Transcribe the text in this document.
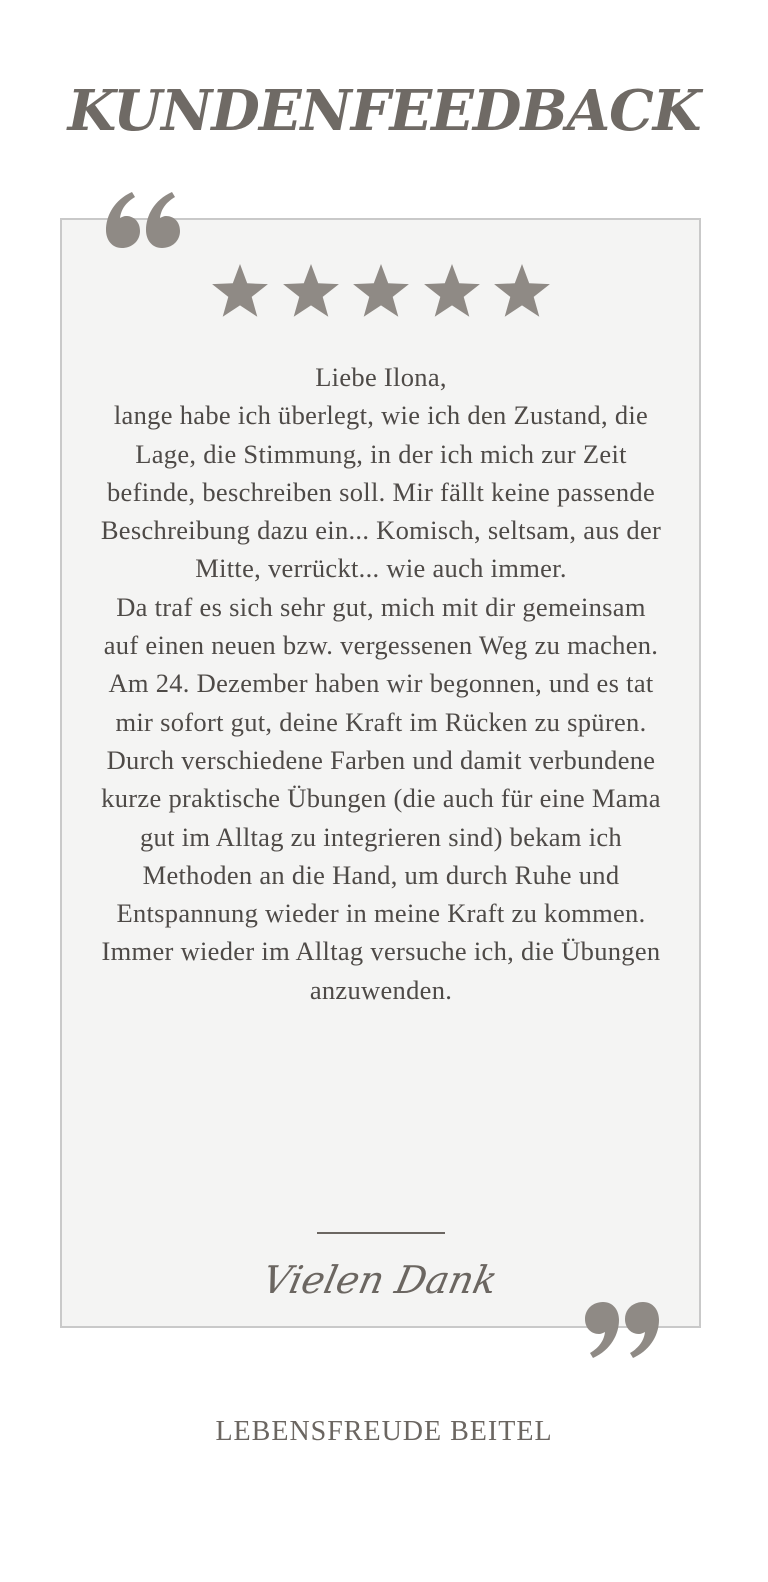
KUNDENFEEDBACK

Liebe Ilona,

lange habe ich überlegt, wie ich den Zustand, die Lage, die Stimmung, in der ich mich zur Zeit befinde, beschreiben soll. Mir fällt keine passende Beschreibung dazu ein... Komisch, seltsam, aus der Mitte, verrückt... wie auch immer.

Da traf es sich sehr gut, mich mit dir gemeinsam auf einen neuen bzw. vergessenen Weg zu machen.

Am 24. Dezember haben wir begonnen, und es tat mir sofort gut, deine Kraft im Rücken zu spüren. Durch verschiedene Farben und damit verbundene kurze praktische Übungen (die auch für eine Mama gut im Alltag zu integrieren sind) bekam ich Methoden an die Hand, um durch Ruhe und Entspannung wieder in meine Kraft zu kommen.

Immer wieder im Alltag versuche ich, die Übungen anzuwenden.

Vielen Dank
LEBENSFREUDE BEITEL
